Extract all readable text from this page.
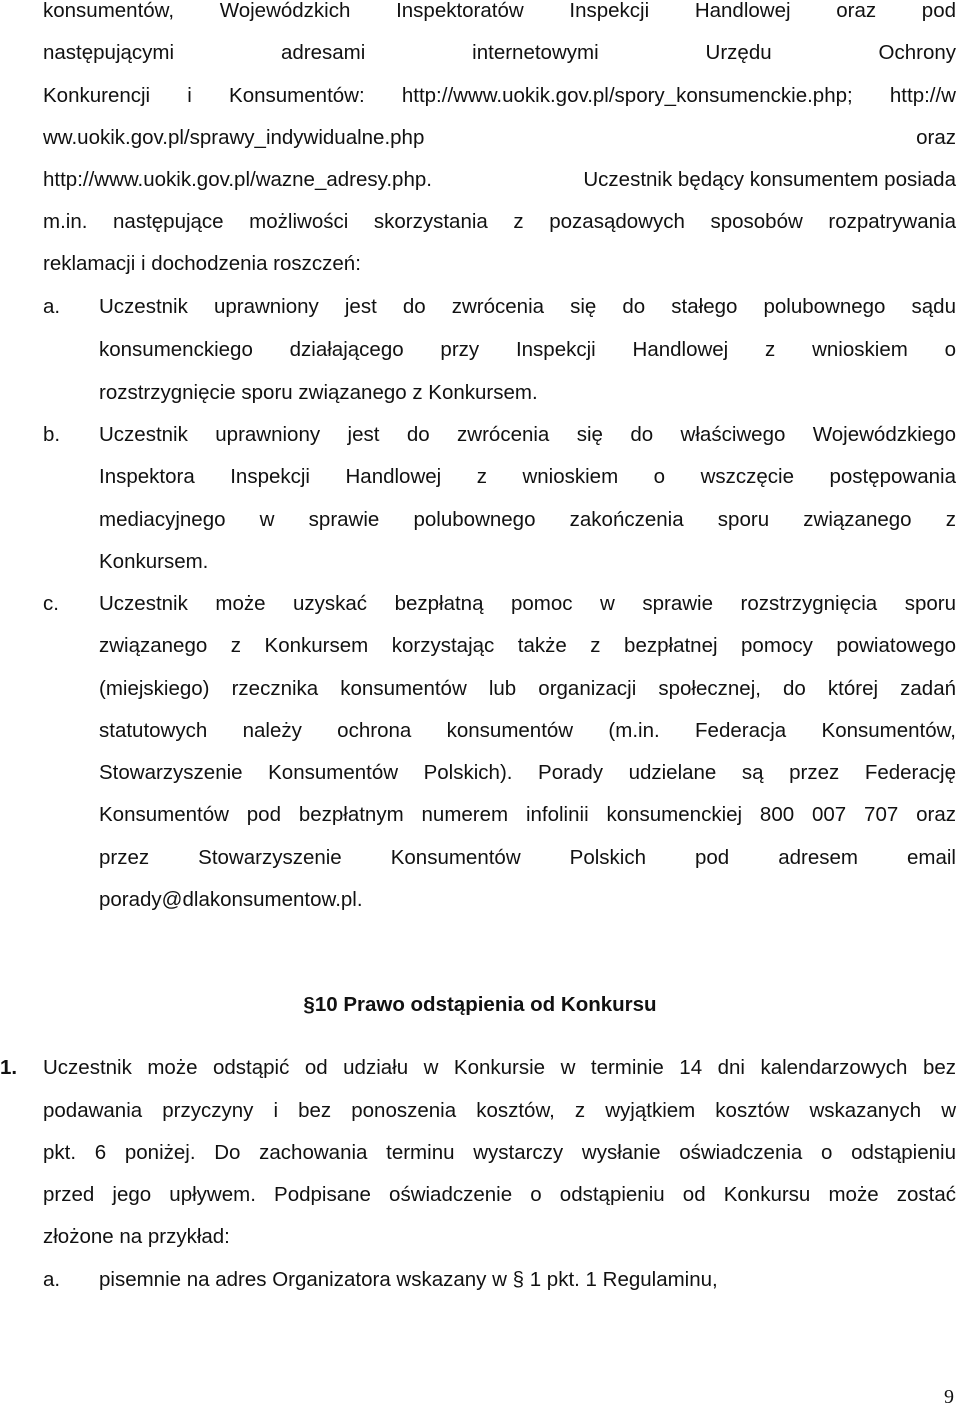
konsumentów, Wojewódzkich Inspektoratów Inspekcji Handlowej oraz pod
następującymi adresami internetowymi Urzędu Ochrony
Konkurencji i Konsumentów: http://www.uokik.gov.pl/spory_konsumenckie.php; http://w
ww.uokik.gov.pl/sprawy_indywidualne.php	oraz
http://www.uokik.gov.pl/wazne_adresy.php.	Uczestnik będący konsumentem posiada
m.in. następujące możliwości skorzystania z pozasądowych sposobów rozpatrywania
reklamacji i dochodzenia roszczeń:
a. Uczestnik uprawniony jest do zwrócenia się do stałego polubownego sądu
konsumenckiego działającego przy Inspekcji Handlowej z wnioskiem o
rozstrzygnięcie sporu związanego z Konkursem.
b. Uczestnik uprawniony jest do zwrócenia się do właściwego Wojewódzkiego
Inspektora Inspekcji Handlowej z wnioskiem o wszczęcie postępowania
mediacyjnego w sprawie polubownego zakończenia sporu związanego z
Konkursem.
c. Uczestnik może uzyskać bezpłatną pomoc w sprawie rozstrzygnięcia sporu
związanego z Konkursem korzystając także z bezpłatnej pomocy powiatowego
(miejskiego) rzecznika konsumentów lub organizacji społecznej, do której zadań
statutowych należy ochrona konsumentów (m.in. Federacja Konsumentów,
Stowarzyszenie Konsumentów Polskich). Porady udzielane są przez Federację
Konsumentów pod bezpłatnym numerem infolinii konsumenckiej 800 007 707 oraz
przez Stowarzyszenie Konsumentów Polskich pod adresem email
porady@dlakonsumentow.pl.
§10 Prawo odstąpienia od Konkursu
1. Uczestnik może odstąpić od udziału w Konkursie w terminie 14 dni kalendarzowych bez
podawania przyczyny i bez ponoszenia kosztów, z wyjątkiem kosztów wskazanych w
pkt. 6 poniżej. Do zachowania terminu wystarczy wysłanie oświadczenia o odstąpieniu
przed jego upływem. Podpisane oświadczenie o odstąpieniu od Konkursu może zostać
złożone na przykład:
a. pisemnie na adres Organizatora wskazany w § 1 pkt. 1 Regulaminu,
9
